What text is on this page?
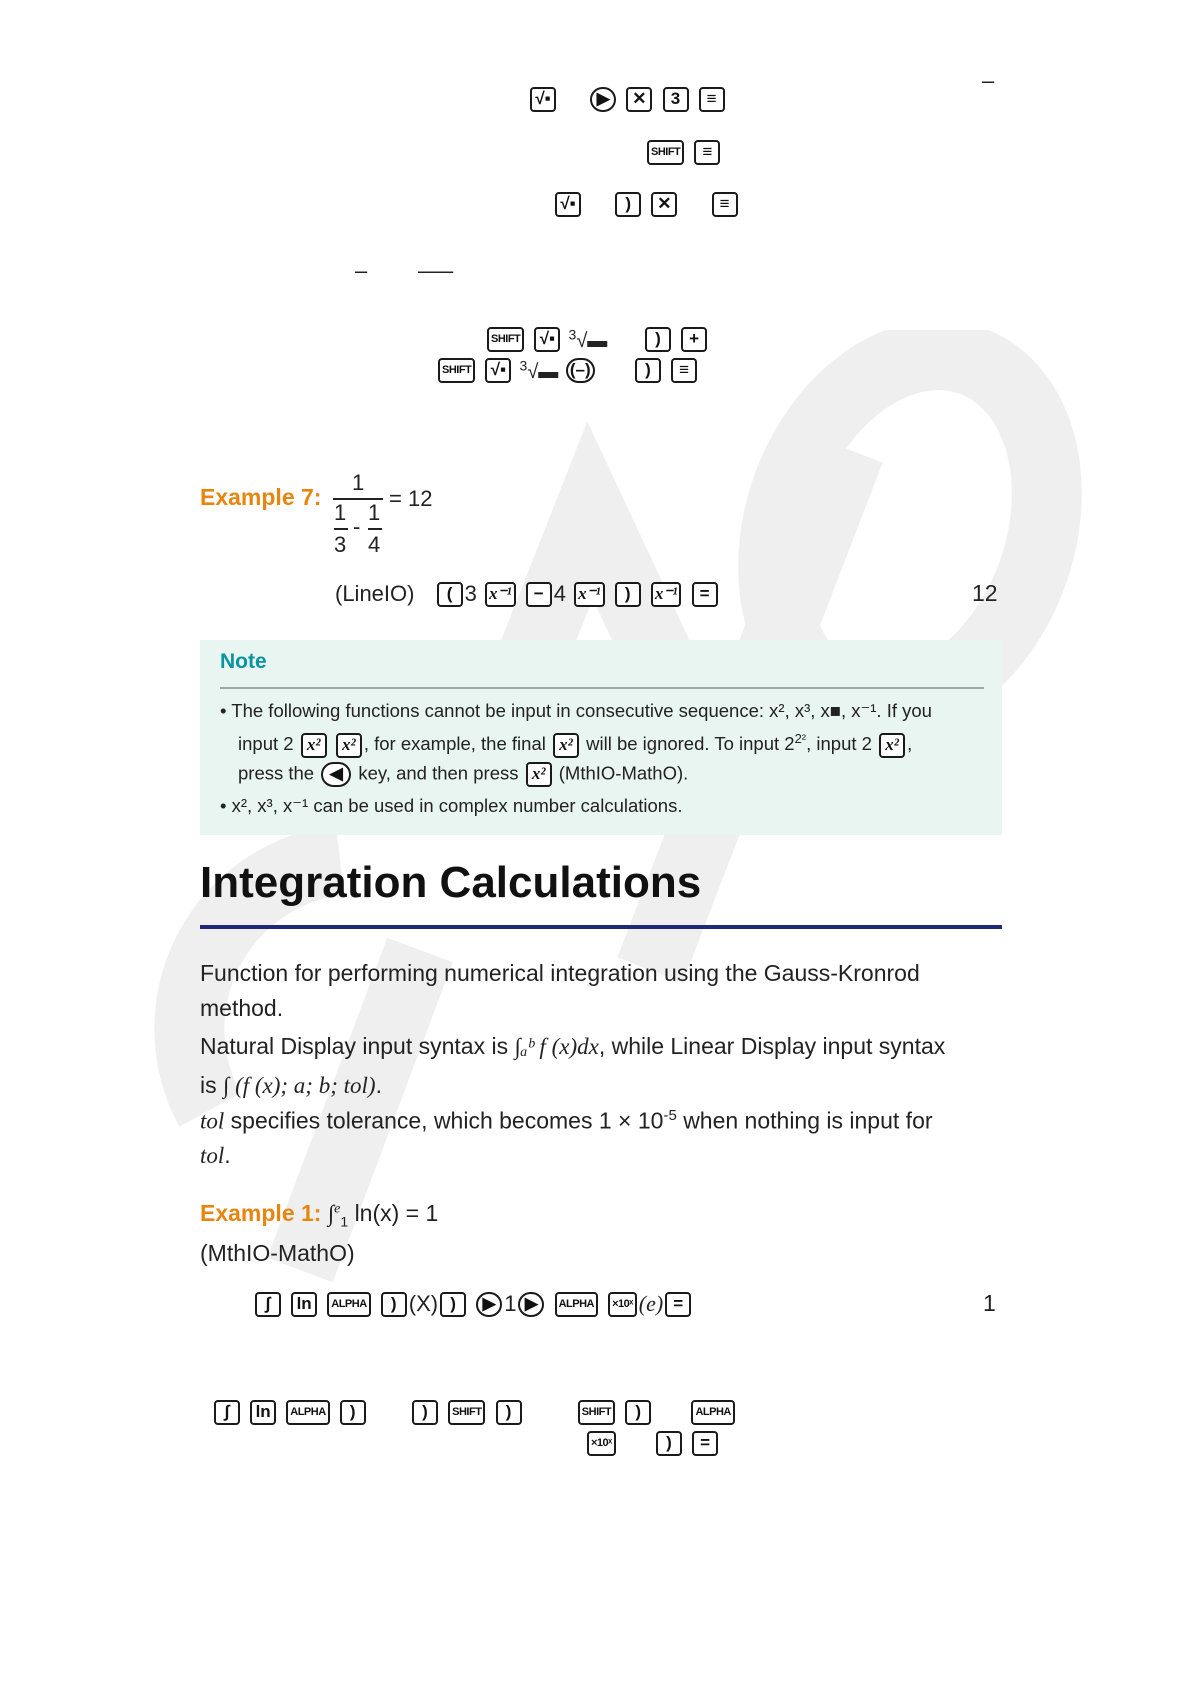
–
√▪	▶ ✕ 3 ≡
SHIFT ≡
√▪	) ✕	≡
– —
SHIFT √▪ $^3$√▬  ) +
SHIFT √▪ $^3$√▬ (–)	) ≡
Example 7:
1
1
3
-
1
4
= 12
(LineIO) ( 3 x⁻¹ − 4 x⁻¹ ) x⁻¹ =	12
Note
• The following functions cannot be input in consecutive sequence: x², x³, x■, x⁻¹. If you
input 2 x² x² , for example, the final x² will be ignored. To input $2^{2^2}$, input 2 x² ,
press the ◀ key, and then press x² (MthIO-MathO).
• x², x³, x⁻¹ can be used in complex number calculations.
Integration Calculations
Function for performing numerical integration using the Gauss-Kronrod
method.
Natural Display input syntax is ∫ₐᵇ f (x)dx, while Linear Display input syntax
is ∫ (f (x); a; b; tol).
tol specifies tolerance, which becomes $1 \times 10^{-5}$ when nothing is input for
tol.
Example 1: ∫$^e_1$ ln(x) = 1
(MthIO-MathO)
∫ ln ALPHA ) (X) ) ▶ 1 ▶ ALPHA ×10ˣ (e) =	1
∫ ln ALPHA )	) SHIFT )	SHIFT )	ALPHA
×10ˣ	) =
